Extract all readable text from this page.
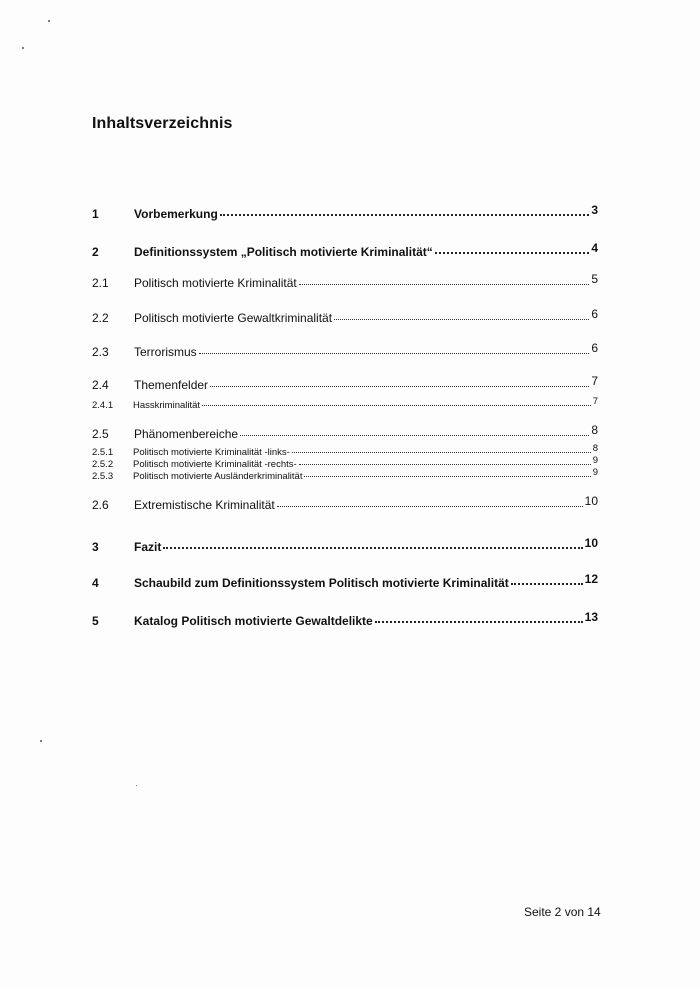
Inhaltsverzeichnis
1	Vorbemerkung	3
2	Definitionssystem „Politisch motivierte Kriminalität“	4
2.1	Politisch motivierte Kriminalität	5
2.2	Politisch motivierte Gewaltkriminalität	6
2.3	Terrorismus	6
2.4	Themenfelder	7
2.4.1	Hasskriminalität	7
2.5	Phänomenbereiche	8
2.5.1	Politisch motivierte Kriminalität -links-	8
2.5.2	Politisch motivierte Kriminalität -rechts-	9
2.5.3	Politisch motivierte Ausländerkriminalität	9
2.6	Extremistische Kriminalität	10
3	Fazit	10
4	Schaubild zum Definitionssystem Politisch motivierte Kriminalität	12
5	Katalog Politisch motivierte Gewaltdelikte	13
Seite 2 von 14
